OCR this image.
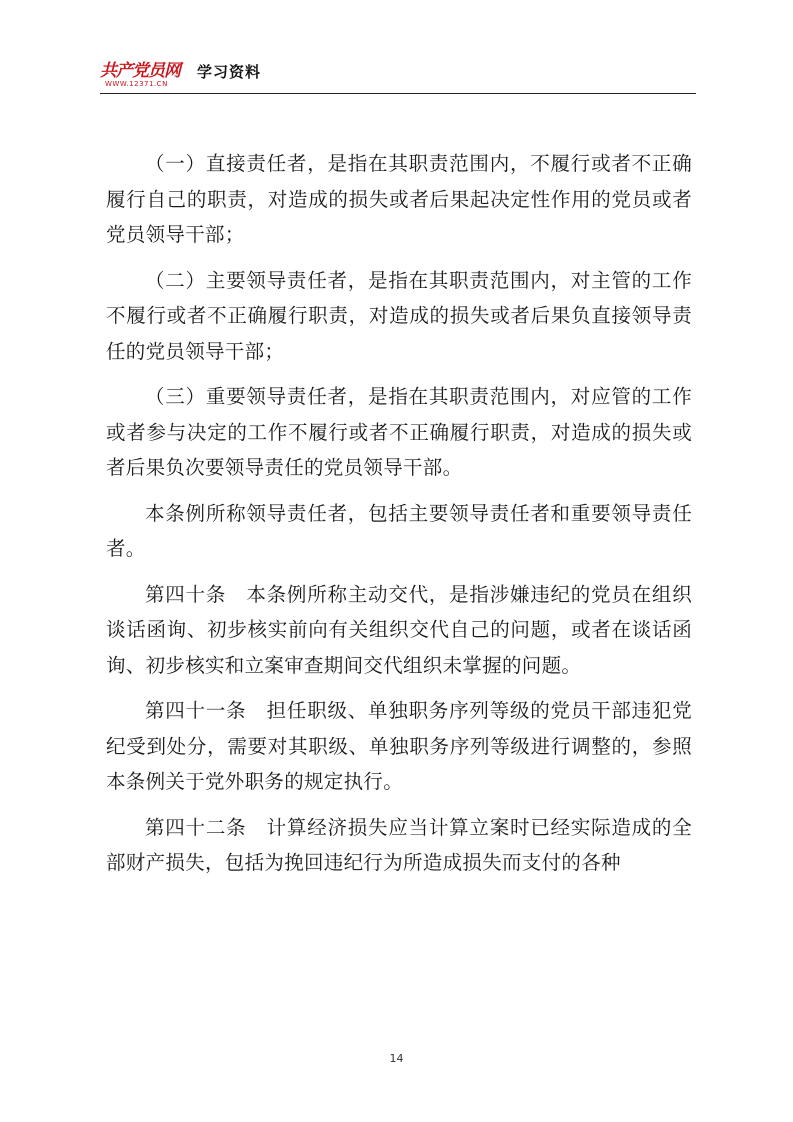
共产党员网
WWW.12371.CN
学习资料

（一）直接责任者，是指在其职责范围内，不履行或者不正确履行自己的职责，对造成的损失或者后果起决定性作用的党员或者党员领导干部；

（二）主要领导责任者，是指在其职责范围内，对主管的工作不履行或者不正确履行职责，对造成的损失或者后果负直接领导责任的党员领导干部；

（三）重要领导责任者，是指在其职责范围内，对应管的工作或者参与决定的工作不履行或者不正确履行职责，对造成的损失或者后果负次要领导责任的党员领导干部。

本条例所称领导责任者，包括主要领导责任者和重要领导责任者。

第四十条　本条例所称主动交代，是指涉嫌违纪的党员在组织谈话函询、初步核实前向有关组织交代自己的问题，或者在谈话函询、初步核实和立案审查期间交代组织未掌握的问题。

第四十一条　担任职级、单独职务序列等级的党员干部违犯党纪受到处分，需要对其职级、单独职务序列等级进行调整的，参照本条例关于党外职务的规定执行。

第四十二条　计算经济损失应当计算立案时已经实际造成的全部财产损失，包括为挽回违纪行为所造成损失而支付的各种

14
